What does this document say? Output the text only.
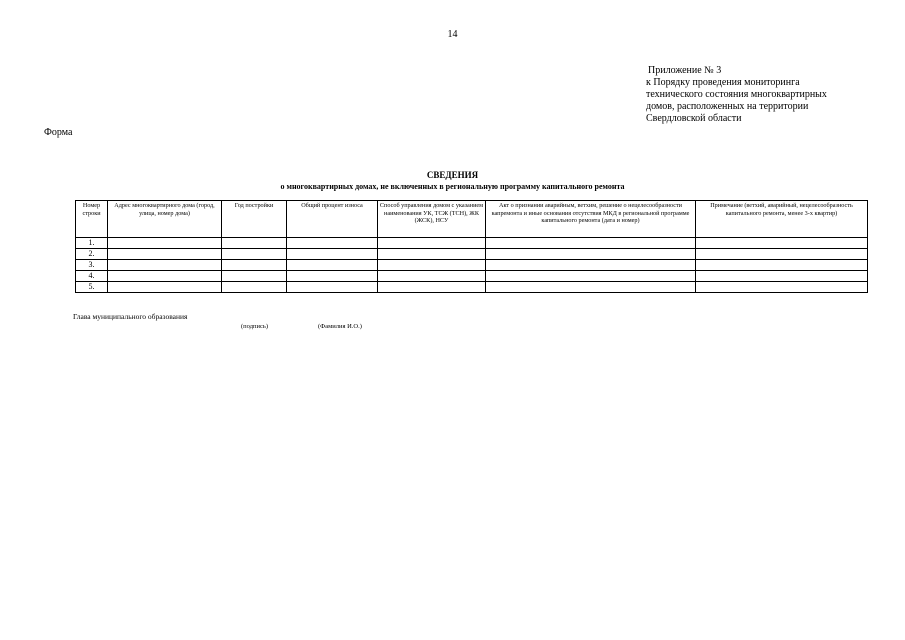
14
Приложение № 3
к Порядку проведения мониторинга
технического состояния многоквартирных
домов, расположенных на территории
Свердловской области
Форма
СВЕДЕНИЯ
о многоквартирных домах, не включенных в региональную программу капитального ремонта
Номер строки	Адрес многоквартирного дома (город, улица, номер дома)	Год постройки	Общий процент износа	Способ управления домом с указанием наименования УК, ТСЖ (ТСН), ЖК (ЖСК), НСУ	Акт о признании аварийным, ветхим, решение о нецелесообразности капремонта и иные основания отсутствия МКД в региональной программе капитального ремонта (дата и номер)	Примечание (ветхий, аварийный, нецелесообразность капитального ремонта, менее 3-х квартир)
1.						
2.						
3.						
4.						
5.						
Глава муниципального образования
(подпись)	(Фамилия И.О.)
